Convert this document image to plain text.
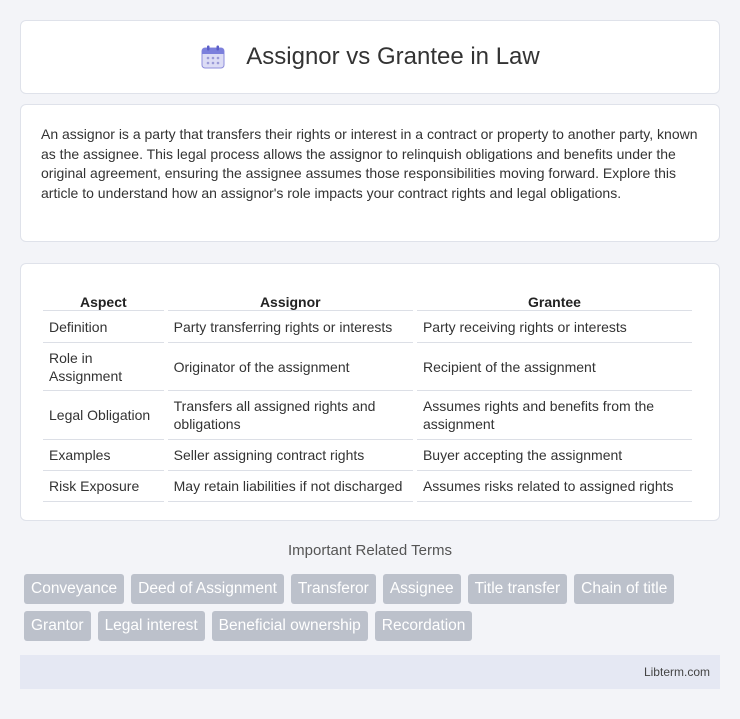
Assignor vs Grantee in Law

An assignor is a party that transfers their rights or interest in a contract or property to another party, known as the assignee. This legal process allows the assignor to relinquish obligations and benefits under the original agreement, ensuring the assignee assumes those responsibilities moving forward. Explore this article to understand how an assignor's role impacts your contract rights and legal obligations.

Aspect	Assignor	Grantee
Definition	Party transferring rights or interests	Party receiving rights or interests
Role in Assignment	Originator of the assignment	Recipient of the assignment
Legal Obligation	Transfers all assigned rights and obligations	Assumes rights and benefits from the assignment
Examples	Seller assigning contract rights	Buyer accepting the assignment
Risk Exposure	May retain liabilities if not discharged	Assumes risks related to assigned rights
Important Related Terms
Conveyance	Deed of Assignment	Transferor	Assignee	Title transfer	Chain of title
Grantor	Legal interest	Beneficial ownership	Recordation
Libterm.com
